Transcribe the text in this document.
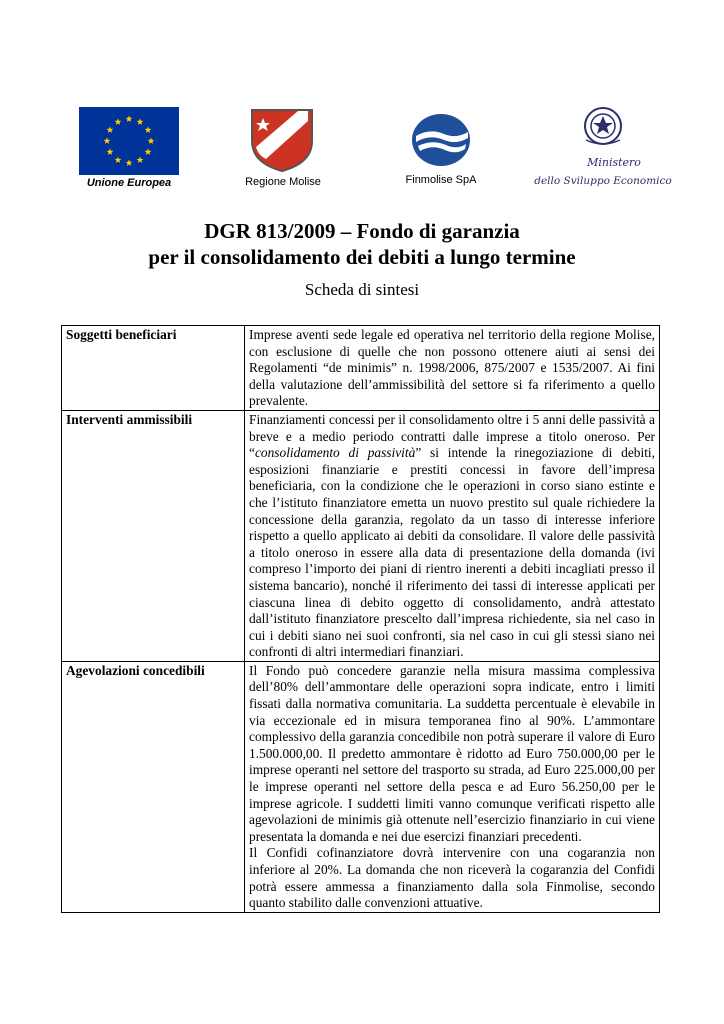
Unione Europea	Regione Molise	Finmolise SpA
Ministero
dello Sviluppo Economico
DGR 813/2009 – Fondo di garanzia
per il consolidamento dei debiti a lungo termine
Scheda di sintesi
Soggetti beneficiari	Imprese aventi sede legale ed operativa nel territorio della regione Molise, con esclusione di quelle che non possono ottenere aiuti ai sensi dei Regolamenti “de minimis” n. 1998/2006, 875/2007 e 1535/2007. Ai fini della valutazione dell’ammissibilità del settore si fa riferimento a quello prevalente.
Interventi ammissibili	Finanziamenti concessi per il consolidamento oltre i 5 anni delle passività a breve e a medio periodo contratti dalle imprese a titolo oneroso. Per “consolidamento di passività” si intende la rinegoziazione di debiti, esposizioni finanziarie e prestiti concessi in favore dell’impresa beneficiaria, con la condizione che le operazioni in corso siano estinte e che l’istituto finanziatore emetta un nuovo prestito sul quale richiedere la concessione della garanzia, regolato da un tasso di interesse inferiore rispetto a quello applicato ai debiti da consolidare. Il valore delle passività a titolo oneroso in essere alla data di presentazione della domanda (ivi compreso l’importo dei piani di rientro inerenti a debiti incagliati presso il sistema bancario), nonché il riferimento dei tassi di interesse applicati per ciascuna linea di debito oggetto di consolidamento, andrà attestato dall’istituto finanziatore prescelto dall’impresa richiedente, sia nel caso in cui i debiti siano nei suoi confronti, sia nel caso in cui gli stessi siano nei confronti di altri intermediari finanziari.
Agevolazioni concedibili	Il Fondo può concedere garanzie nella misura massima complessiva dell’80% dell’ammontare delle operazioni sopra indicate, entro i limiti fissati dalla normativa comunitaria. La suddetta percentuale è elevabile in via eccezionale ed in misura temporanea fino al 90%. L’ammontare complessivo della garanzia concedibile non potrà superare il valore di Euro 1.500.000,00. Il predetto ammontare è ridotto ad Euro 750.000,00 per le imprese operanti nel settore del trasporto su strada, ad Euro 225.000,00 per le imprese operanti nel settore della pesca e ad Euro 56.250,00 per le imprese agricole. I suddetti limiti vanno comunque verificati rispetto alle agevolazioni de minimis già ottenute nell’esercizio finanziario in cui viene presentata la domanda e nei due esercizi finanziari precedenti.
Il Confidi cofinanziatore dovrà intervenire con una cogaranzia non inferiore al 20%. La domanda che non riceverà la cogaranzia del Confidi potrà essere ammessa a finanziamento dalla sola Finmolise, secondo quanto stabilito dalle convenzioni attuative.
